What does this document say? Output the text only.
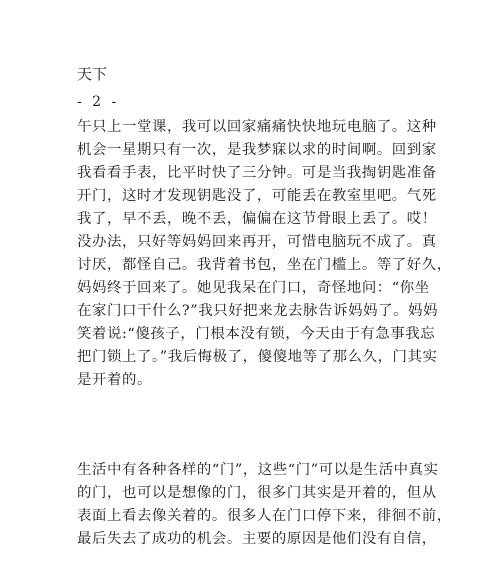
天下
- 2 -

午只上一堂课，我可以回家痛痛快快地玩电脑了。这种
机会一星期只有一次，是我梦寐以求的时间啊。回到家
我看看手表，比平时快了三分钟。可是当我掏钥匙准备
开门，这时才发现钥匙没了，可能丢在教室里吧。气死
我了，早不丢，晚不丢，偏偏在这节骨眼上丢了。哎！
没办法，只好等妈妈回来再开，可惜电脑玩不成了。真
讨厌，都怪自己。我背着书包，坐在门槛上。等了好久，
妈妈终于回来了。她见我呆在门口，奇怪地问：“你坐
在家门口干什么?”我只好把来龙去脉告诉妈妈了。妈妈
笑着说:“傻孩子，门根本没有锁，今天由于有急事我忘
把门锁上了。”我后悔极了，傻傻地等了那么久，门其实
是开着的。

生活中有各种各样的“门”，这些“门”可以是生活中真实
的门，也可以是想像的门，很多门其实是开着的，但从
表面上看去像关着的。很多人在门口停下来，徘徊不前，
最后失去了成功的机会。主要的原因是他们没有自信，
